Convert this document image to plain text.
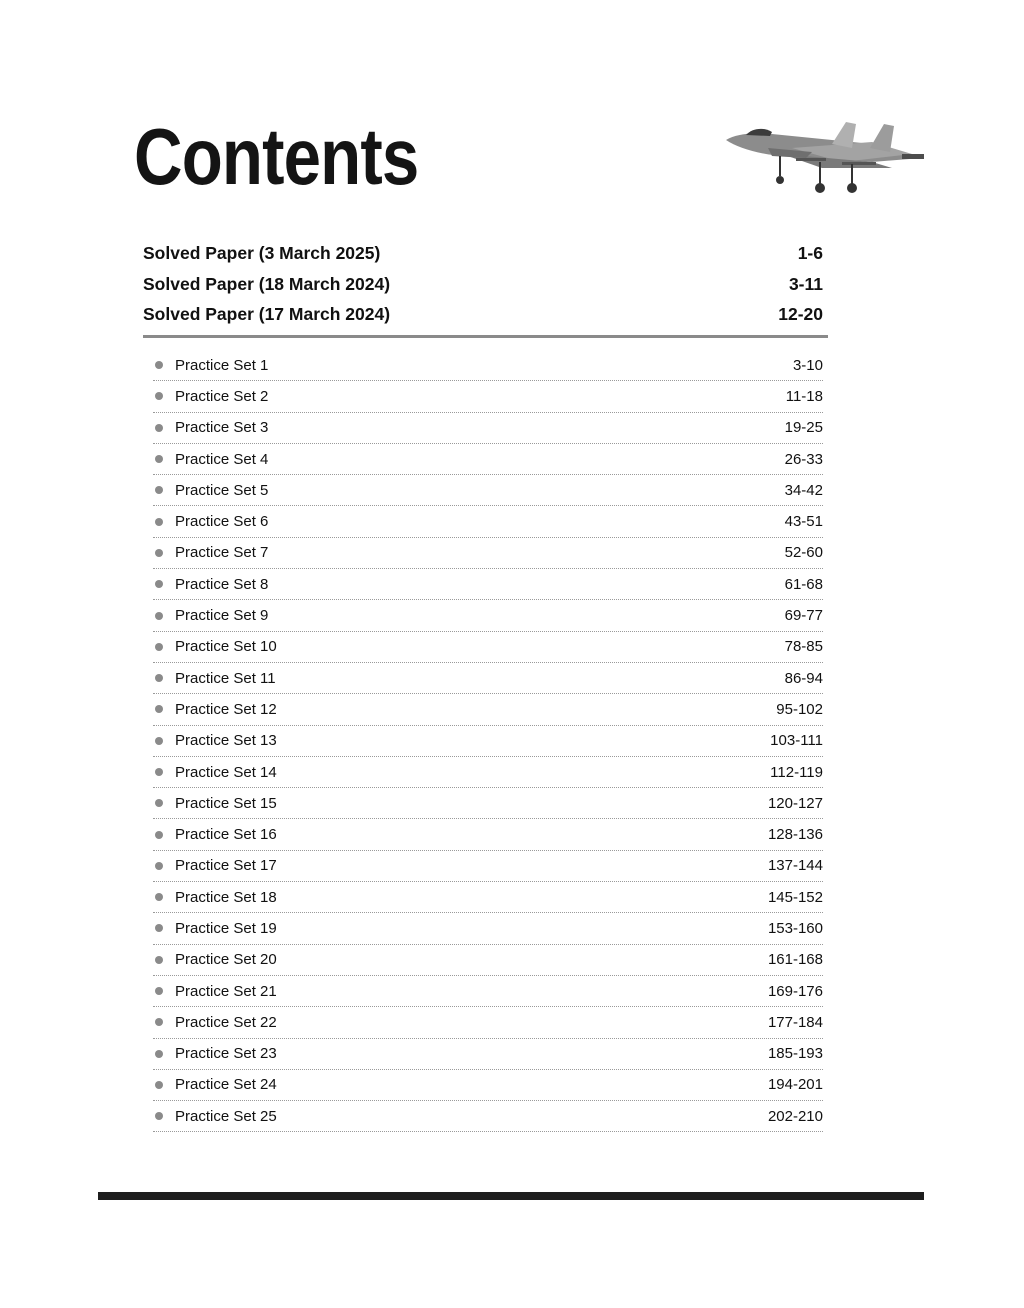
Contents
Solved Paper (3 March 2025)	1-6
Solved Paper (18 March 2024)	3-11
Solved Paper (17 March 2024)	12-20
Practice Set 1	3-10
Practice Set 2	11-18
Practice Set 3	19-25
Practice Set 4	26-33
Practice Set 5	34-42
Practice Set 6	43-51
Practice Set 7	52-60
Practice Set 8	61-68
Practice Set 9	69-77
Practice Set 10	78-85
Practice Set 11	86-94
Practice Set 12	95-102
Practice Set 13	103-111
Practice Set 14	112-119
Practice Set 15	120-127
Practice Set 16	128-136
Practice Set 17	137-144
Practice Set 18	145-152
Practice Set 19	153-160
Practice Set 20	161-168
Practice Set 21	169-176
Practice Set 22	177-184
Practice Set 23	185-193
Practice Set 24	194-201
Practice Set 25	202-210
